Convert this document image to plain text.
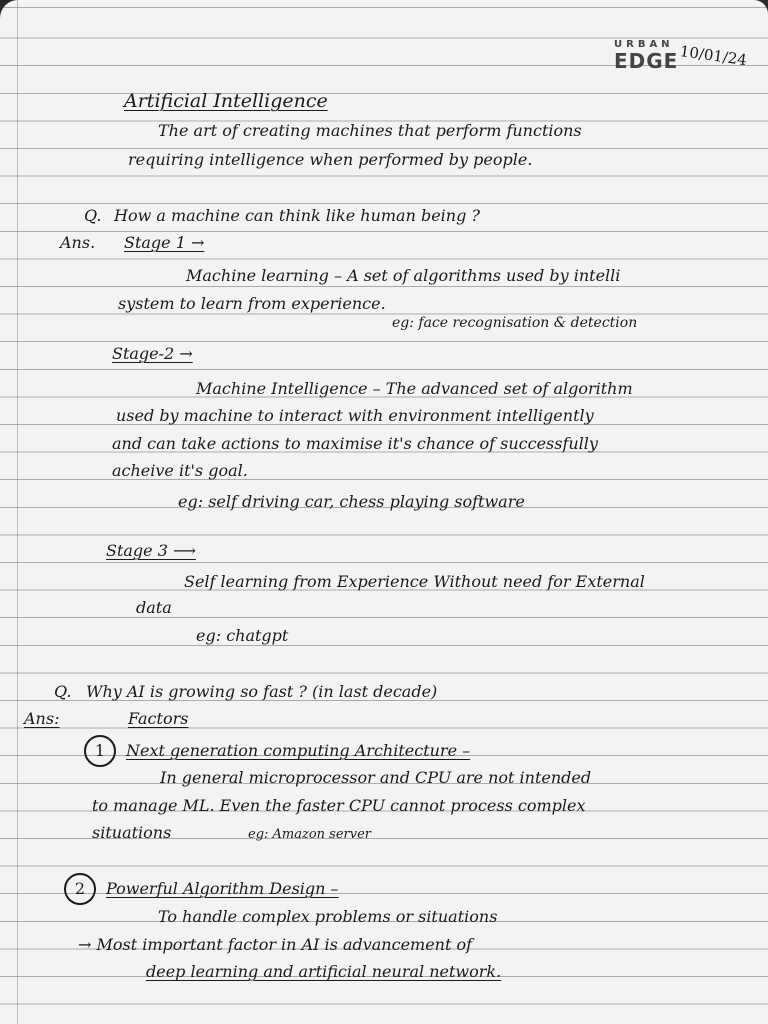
URBAN
EDGE 10/01/24
Artificial Intelligence
The art of creating machines that perform functions
requiring intelligence when performed by people.
Q. How a machine can think like human being ?
Ans. Stage 1 →
Machine learning – A set of algorithms used by intelli
system to learn from experience.
eg: face recognisation & detection
Stage-2 →
Machine Intelligence – The advanced set of algorithm
used by machine to interact with environment intelligently
and can take actions to maximise it's chance of successfully
acheive it's goal.
eg: self driving car, chess playing software
Stage 3 ⟶
Self learning from Experience Without need for External
data
eg: chatgpt
Q. Why AI is growing so fast ? (in last decade)
Ans:	Factors
1 Next generation computing Architecture –
In general microprocessor and CPU are not intended
to manage ML. Even the faster CPU cannot process complex
situations	eg: Amazon server
2 Powerful Algorithm Design –
To handle complex problems or situations
→ Most important factor in AI is advancement of
deep learning and artificial neural network.
